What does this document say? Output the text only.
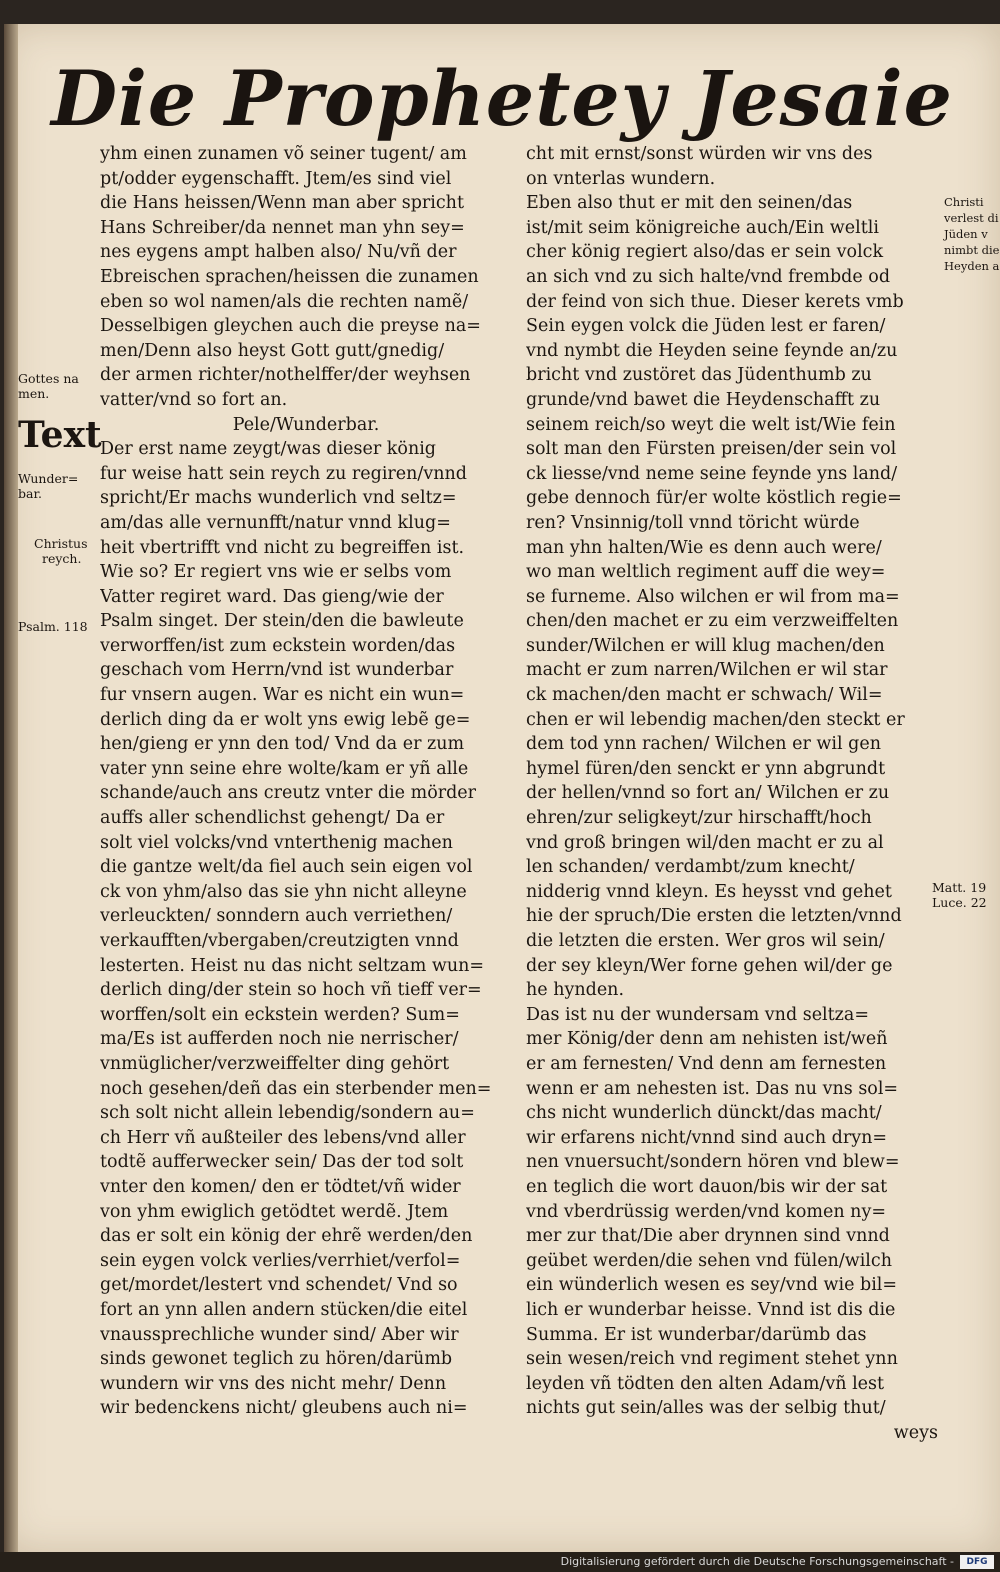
Die Prophetey Jesaie
yhm einen zunamen võ seiner tugent/ am
pt/odder eygenschafft. Jtem/es sind viel
die Hans heissen/Wenn man aber spricht
Hans Schreiber/da nennet man yhn sey=
nes eygens ampt halben also/ Nu/vñ der
Ebreischen sprachen/heissen die zunamen
eben so wol namen/als die rechten namẽ/
Desselbigen gleychen auch die preyse na=
men/Denn also heyst Gott gutt/gnedig/
der armen richter/nothelffer/der weyhsen
vatter/vnd so fort an.
Pele/Wunderbar.
Der erst name zeygt/was dieser könig
fur weise hatt sein reych zu regiren/vnnd
spricht/Er machs wunderlich vnd seltz=
am/das alle vernunfft/natur vnnd klug=
heit vbertrifft vnd nicht zu begreiffen ist.
Wie so? Er regiert vns wie er selbs vom
Vatter regiret ward. Das gieng/wie der
Psalm singet. Der stein/den die bawleute
verworffen/ist zum eckstein worden/das
geschach vom Herrn/vnd ist wunderbar
fur vnsern augen. War es nicht ein wun=
derlich ding da er wolt yns ewig lebẽ ge=
hen/gieng er ynn den tod/ Vnd da er zum
vater ynn seine ehre wolte/kam er yñ alle
schande/auch ans creutz vnter die mörder
auffs aller schendlichst gehengt/ Da er
solt viel volcks/vnd vnterthenig machen
die gantze welt/da fiel auch sein eigen vol
ck von yhm/also das sie yhn nicht alleyne
verleuckten/ sonndern auch verriethen/
verkaufften/vbergaben/creutzigten vnnd
lesterten. Heist nu das nicht seltzam wun=
derlich ding/der stein so hoch vñ tieff ver=
worffen/solt ein eckstein werden? Sum=
ma/Es ist aufferden noch nie nerrischer/
vnmüglicher/verzweiffelter ding gehört
noch gesehen/deñ das ein sterbender men=
sch solt nicht allein lebendig/sondern au=
ch Herr vñ außteiler des lebens/vnd aller
todtẽ aufferwecker sein/ Das der tod solt
vnter den komen/ den er tödtet/vñ wider
von yhm ewiglich getödtet werdẽ. Jtem
das er solt ein könig der ehrẽ werden/den
sein eygen volck verlies/verrhiet/verfol=
get/mordet/lestert vnd schendet/ Vnd so
fort an ynn allen andern stücken/die eitel
vnaussprechliche wunder sind/ Aber wir
sinds gewonet teglich zu hören/darümb
wundern wir vns des nicht mehr/ Denn
wir bedenckens nicht/ gleubens auch ni=
cht mit ernst/sonst würden wir vns des
on vnterlas wundern.
Eben also thut er mit den seinen/das
ist/mit seim königreiche auch/Ein weltli
cher könig regiert also/das er sein volck
an sich vnd zu sich halte/vnd frembde od
der feind von sich thue. Dieser kerets vmb
Sein eygen volck die Jüden lest er faren/
vnd nymbt die Heyden seine feynde an/zu
bricht vnd zustöret das Jüdenthumb zu
grunde/vnd bawet die Heydenschafft zu
seinem reich/so weyt die welt ist/Wie fein
solt man den Fürsten preisen/der sein vol
ck liesse/vnd neme seine feynde yns land/
gebe dennoch für/er wolte köstlich regie=
ren? Vnsinnig/toll vnnd töricht würde
man yhn halten/Wie es denn auch were/
wo man weltlich regiment auff die wey=
se furneme. Also wilchen er wil from ma=
chen/den machet er zu eim verzweiffelten
sunder/Wilchen er will klug machen/den
macht er zum narren/Wilchen er wil star
ck machen/den macht er schwach/ Wil=
chen er wil lebendig machen/den steckt er
dem tod ynn rachen/ Wilchen er wil gen
hymel füren/den senckt er ynn abgrundt
der hellen/vnnd so fort an/ Wilchen er zu
ehren/zur seligkeyt/zur hirschafft/hoch
vnd groß bringen wil/den macht er zu al
len schanden/ verdambt/zum knecht/
nidderig vnnd kleyn. Es heysst vnd gehet
hie der spruch/Die ersten die letzten/vnnd
die letzten die ersten. Wer gros wil sein/
der sey kleyn/Wer forne gehen wil/der ge
he hynden.
Das ist nu der wundersam vnd seltza=
mer König/der denn am nehisten ist/weñ
er am fernesten/ Vnd denn am fernesten
wenn er am nehesten ist. Das nu vns sol=
chs nicht wunderlich dünckt/das macht/
wir erfarens nicht/vnnd sind auch dryn=
nen vnuersucht/sondern hören vnd blew=
en teglich die wort dauon/bis wir der sat
vnd vberdrüssig werden/vnd komen ny=
mer zur that/Die aber drynnen sind vnnd
geübet werden/die sehen vnd fülen/wilch
ein wünderlich wesen es sey/vnd wie bil=
lich er wunderbar heisse. Vnnd ist dis die
Summa. Er ist wunderbar/darümb das
sein wesen/reich vnd regiment stehet ynn
leyden vñ tödten den alten Adam/vñ lest
nichts gut sein/alles was der selbig thut/
weys
Gottes na
men.
Text
Wunder=
bar.
Christus
reych.
Psalm. 118
Christi
verlest di
Jüden v
nimbt die
Heyden a
Matt. 19
Luce. 22
Digitalisierung gefördert durch die Deutsche Forschungsgemeinschaft -	DFG
